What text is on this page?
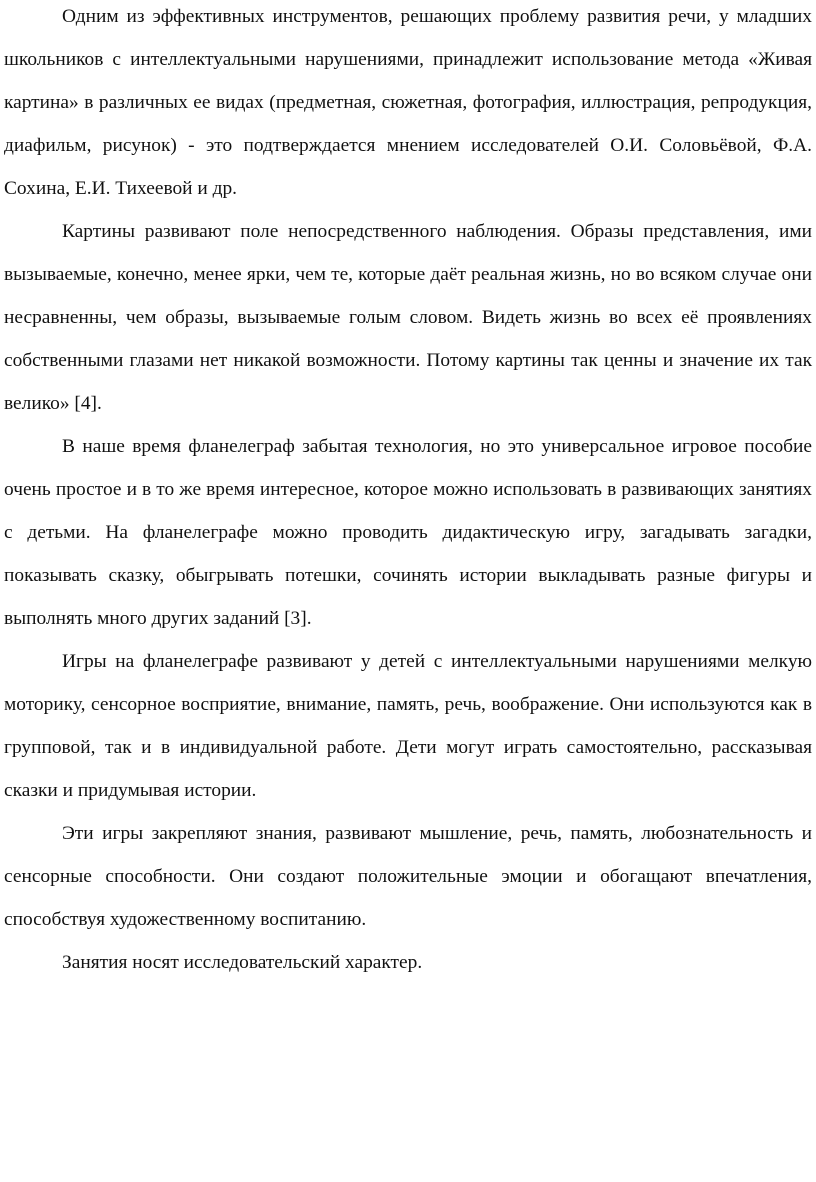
Одним из эффективных инструментов, решающих проблему развития речи, у младших школьников с интеллектуальными нарушениями, принадлежит использование метода «Живая картина» в различных ее видах (предметная, сюжетная, фотография, иллюстрация, репродукция, диафильм, рисунок) - это подтверждается мнением исследователей О.И. Соловьёвой, Ф.А. Сохина, Е.И. Тихеевой и др.

Картины развивают поле непосредственного наблюдения. Образы представления, ими вызываемые, конечно, менее ярки, чем те, которые даёт реальная жизнь, но во всяком случае они несравненны, чем образы, вызываемые голым словом. Видеть жизнь во всех её проявлениях собственными глазами нет никакой возможности. Потому картины так ценны и значение их так велико» [4].

В наше время фланелеграф забытая технология, но это универсальное игровое пособие очень простое и в то же время интересное, которое можно использовать в развивающих занятиях с детьми. На фланелеграфе можно проводить дидактическую игру, загадывать загадки, показывать сказку, обыгрывать потешки, сочинять истории выкладывать разные фигуры и выполнять много других заданий [3].

Игры на фланелеграфе развивают у детей с интеллектуальными нарушениями мелкую моторику, сенсорное восприятие, внимание, память, речь, воображение. Они используются как в групповой, так и в индивидуальной работе. Дети могут играть самостоятельно, рассказывая сказки и придумывая истории.

Эти игры закрепляют знания, развивают мышление, речь, память, любознательность и сенсорные способности. Они создают положительные эмоции и обогащают впечатления, способствуя художественному воспитанию.

Занятия носят исследовательский характер.
